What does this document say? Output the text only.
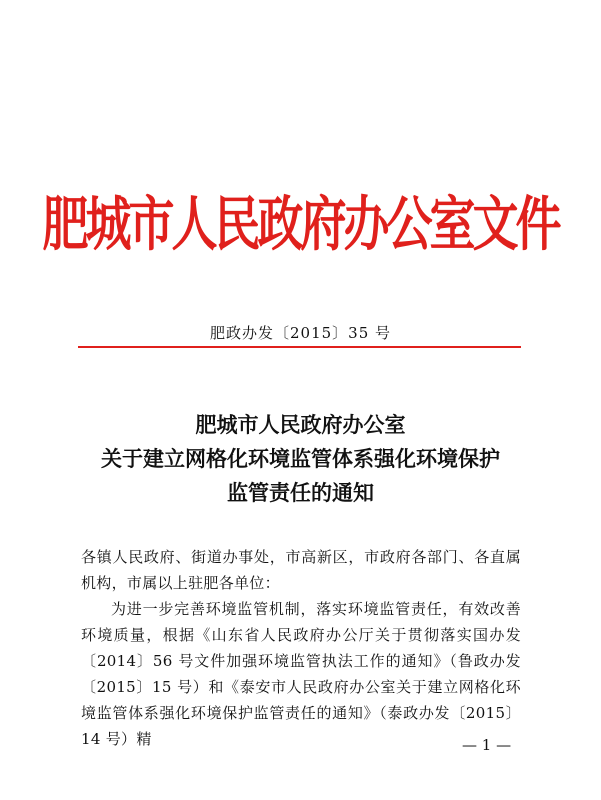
肥城市人民政府办公室文件
肥政办发〔2015〕35 号
肥城市人民政府办公室
关于建立网格化环境监管体系强化环境保护
监管责任的通知

各镇人民政府、街道办事处，市高新区，市政府各部门、各直属机构，市属以上驻肥各单位：

为进一步完善环境监管机制，落实环境监管责任，有效改善环境质量，根据《山东省人民政府办公厅关于贯彻落实国办发〔2014〕56 号文件加强环境监管执法工作的通知》（鲁政办发〔2015〕15 号）和《泰安市人民政府办公室关于建立网格化环境监管体系强化环境保护监管责任的通知》（泰政办发〔2015〕14 号）精	— 1 —
